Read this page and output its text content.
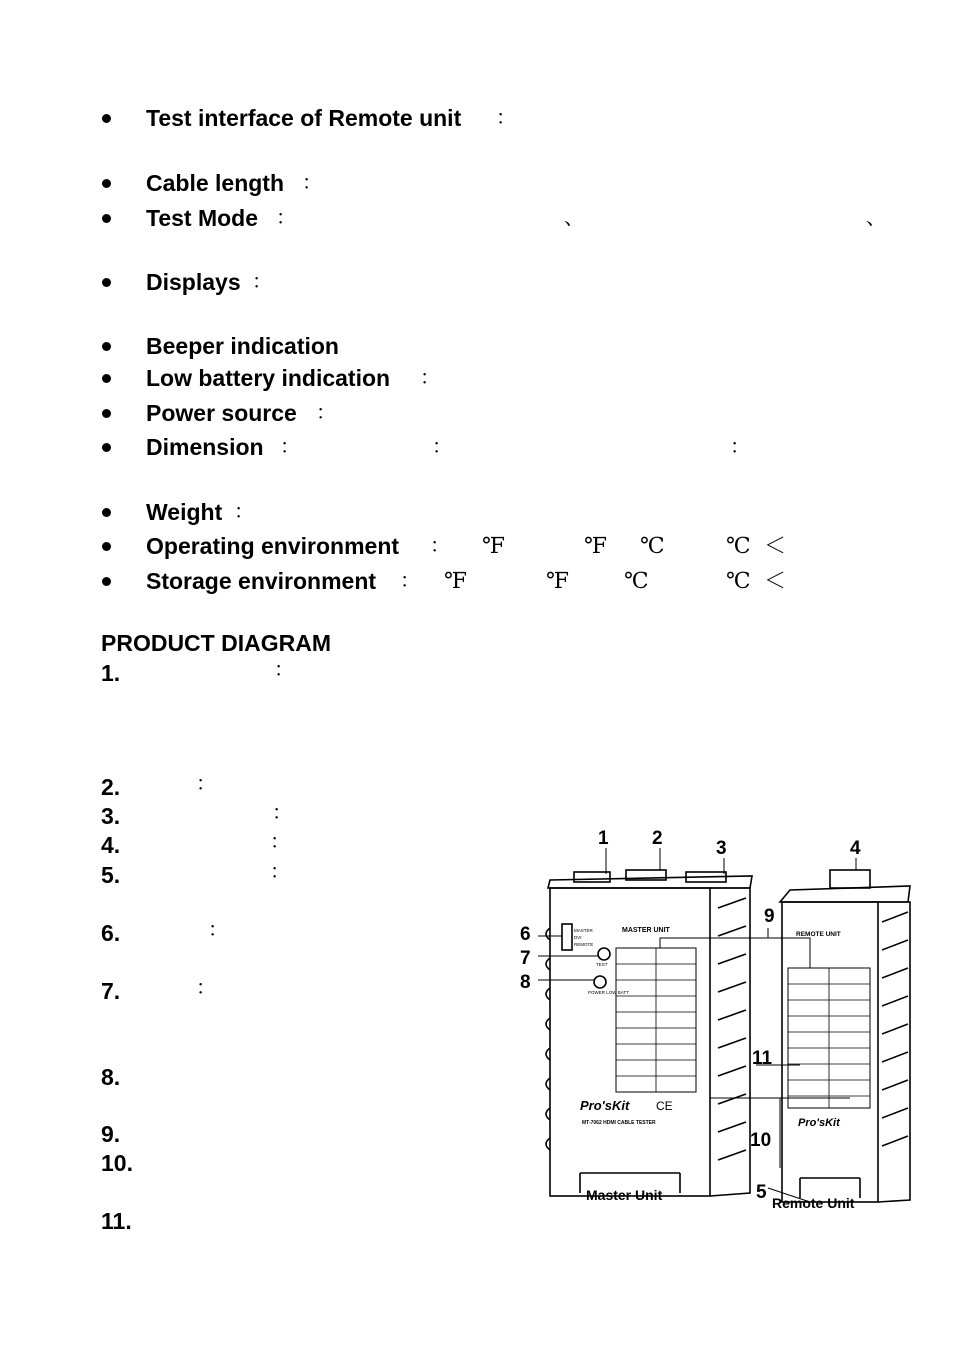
Test interface of Remote unit ：
Cable length ：
Test Mode ：	、	、
Displays ：
Beeper indication
Low battery indication ：
Power source ：
Dimension ：	：	：
Weight ：
Operating environment ： ℉	℉ ℃	℃ ＜
Storage environment ： ℉	℉ ℃	℃ ＜
PRODUCT DIAGRAM
1.	：
2.	：
3.	：
4.	：
5.	：
6.	：
7.	：
8.
9.
10.
11.
1 2	3	4
5
6
7
8
9
10
11
MASTER UNIT
REMOTE UNIT
MASTER
DVI
REMOTE
TEST
POWER LOW BATT
Pro'sKit CE
MT-7062 HDMI CABLE TESTER	Pro'sKit
Master Unit	Remote Unit
